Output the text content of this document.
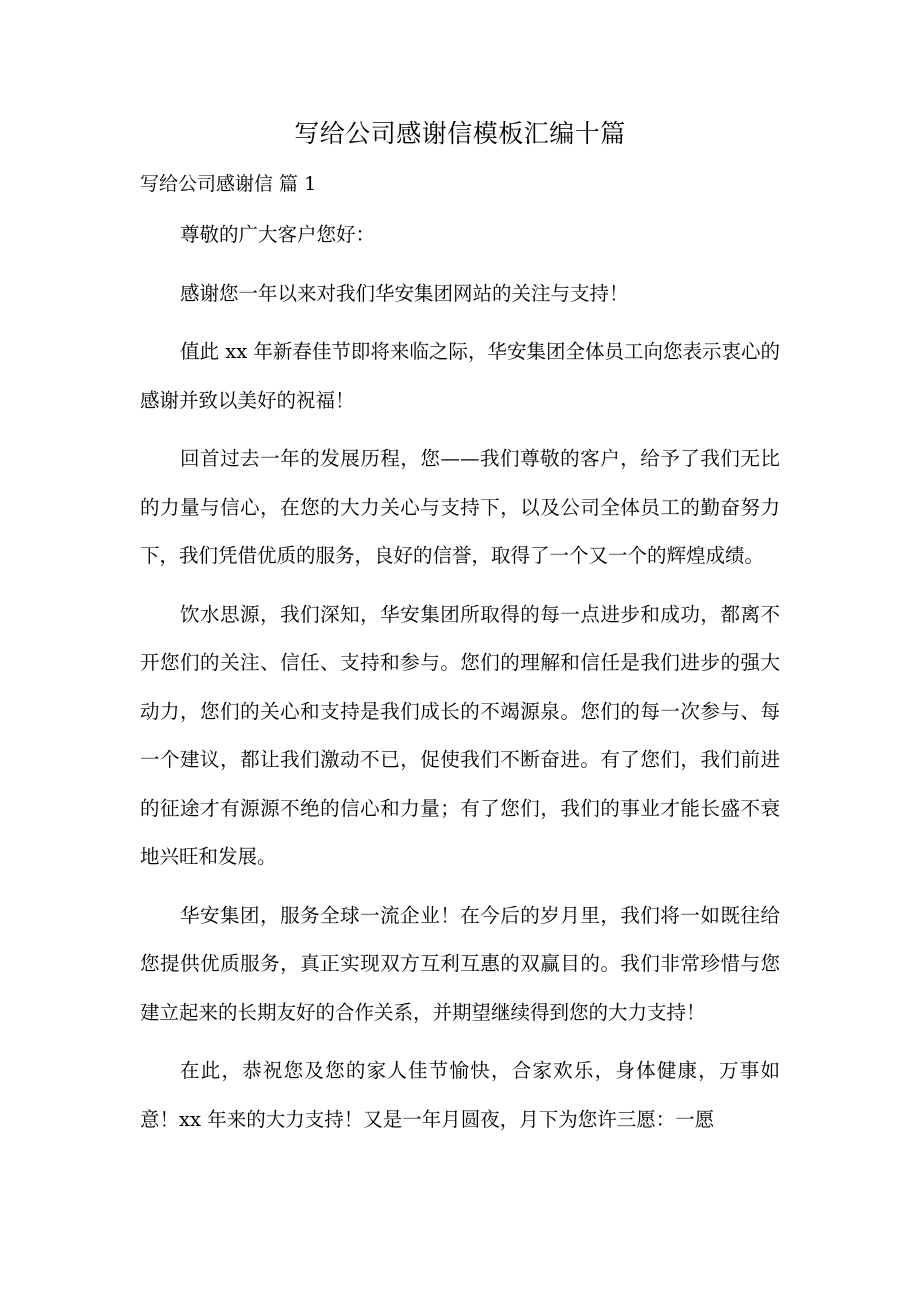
写给公司感谢信模板汇编十篇
写给公司感谢信 篇 1

尊敬的广大客户您好：

感谢您一年以来对我们华安集团网站的关注与支持！

值此 xx 年新春佳节即将来临之际，华安集团全体员工向您表示衷心的感谢并致以美好的祝福！

回首过去一年的发展历程，您——我们尊敬的客户，给予了我们无比的力量与信心，在您的大力关心与支持下，以及公司全体员工的勤奋努力下，我们凭借优质的服务，良好的信誉，取得了一个又一个的辉煌成绩。

饮水思源，我们深知，华安集团所取得的每一点进步和成功，都离不开您们的关注、信任、支持和参与。您们的理解和信任是我们进步的强大动力，您们的关心和支持是我们成长的不竭源泉。您们的每一次参与、每一个建议，都让我们激动不已，促使我们不断奋进。有了您们，我们前进的征途才有源源不绝的信心和力量；有了您们，我们的事业才能长盛不衰地兴旺和发展。

华安集团，服务全球一流企业！在今后的岁月里，我们将一如既往给您提供优质服务，真正实现双方互利互惠的双赢目的。我们非常珍惜与您建立起来的长期友好的合作关系，并期望继续得到您的大力支持！

在此，恭祝您及您的家人佳节愉快，合家欢乐，身体健康，万事如意！xx 年来的大力支持！又是一年月圆夜，月下为您许三愿：一愿
